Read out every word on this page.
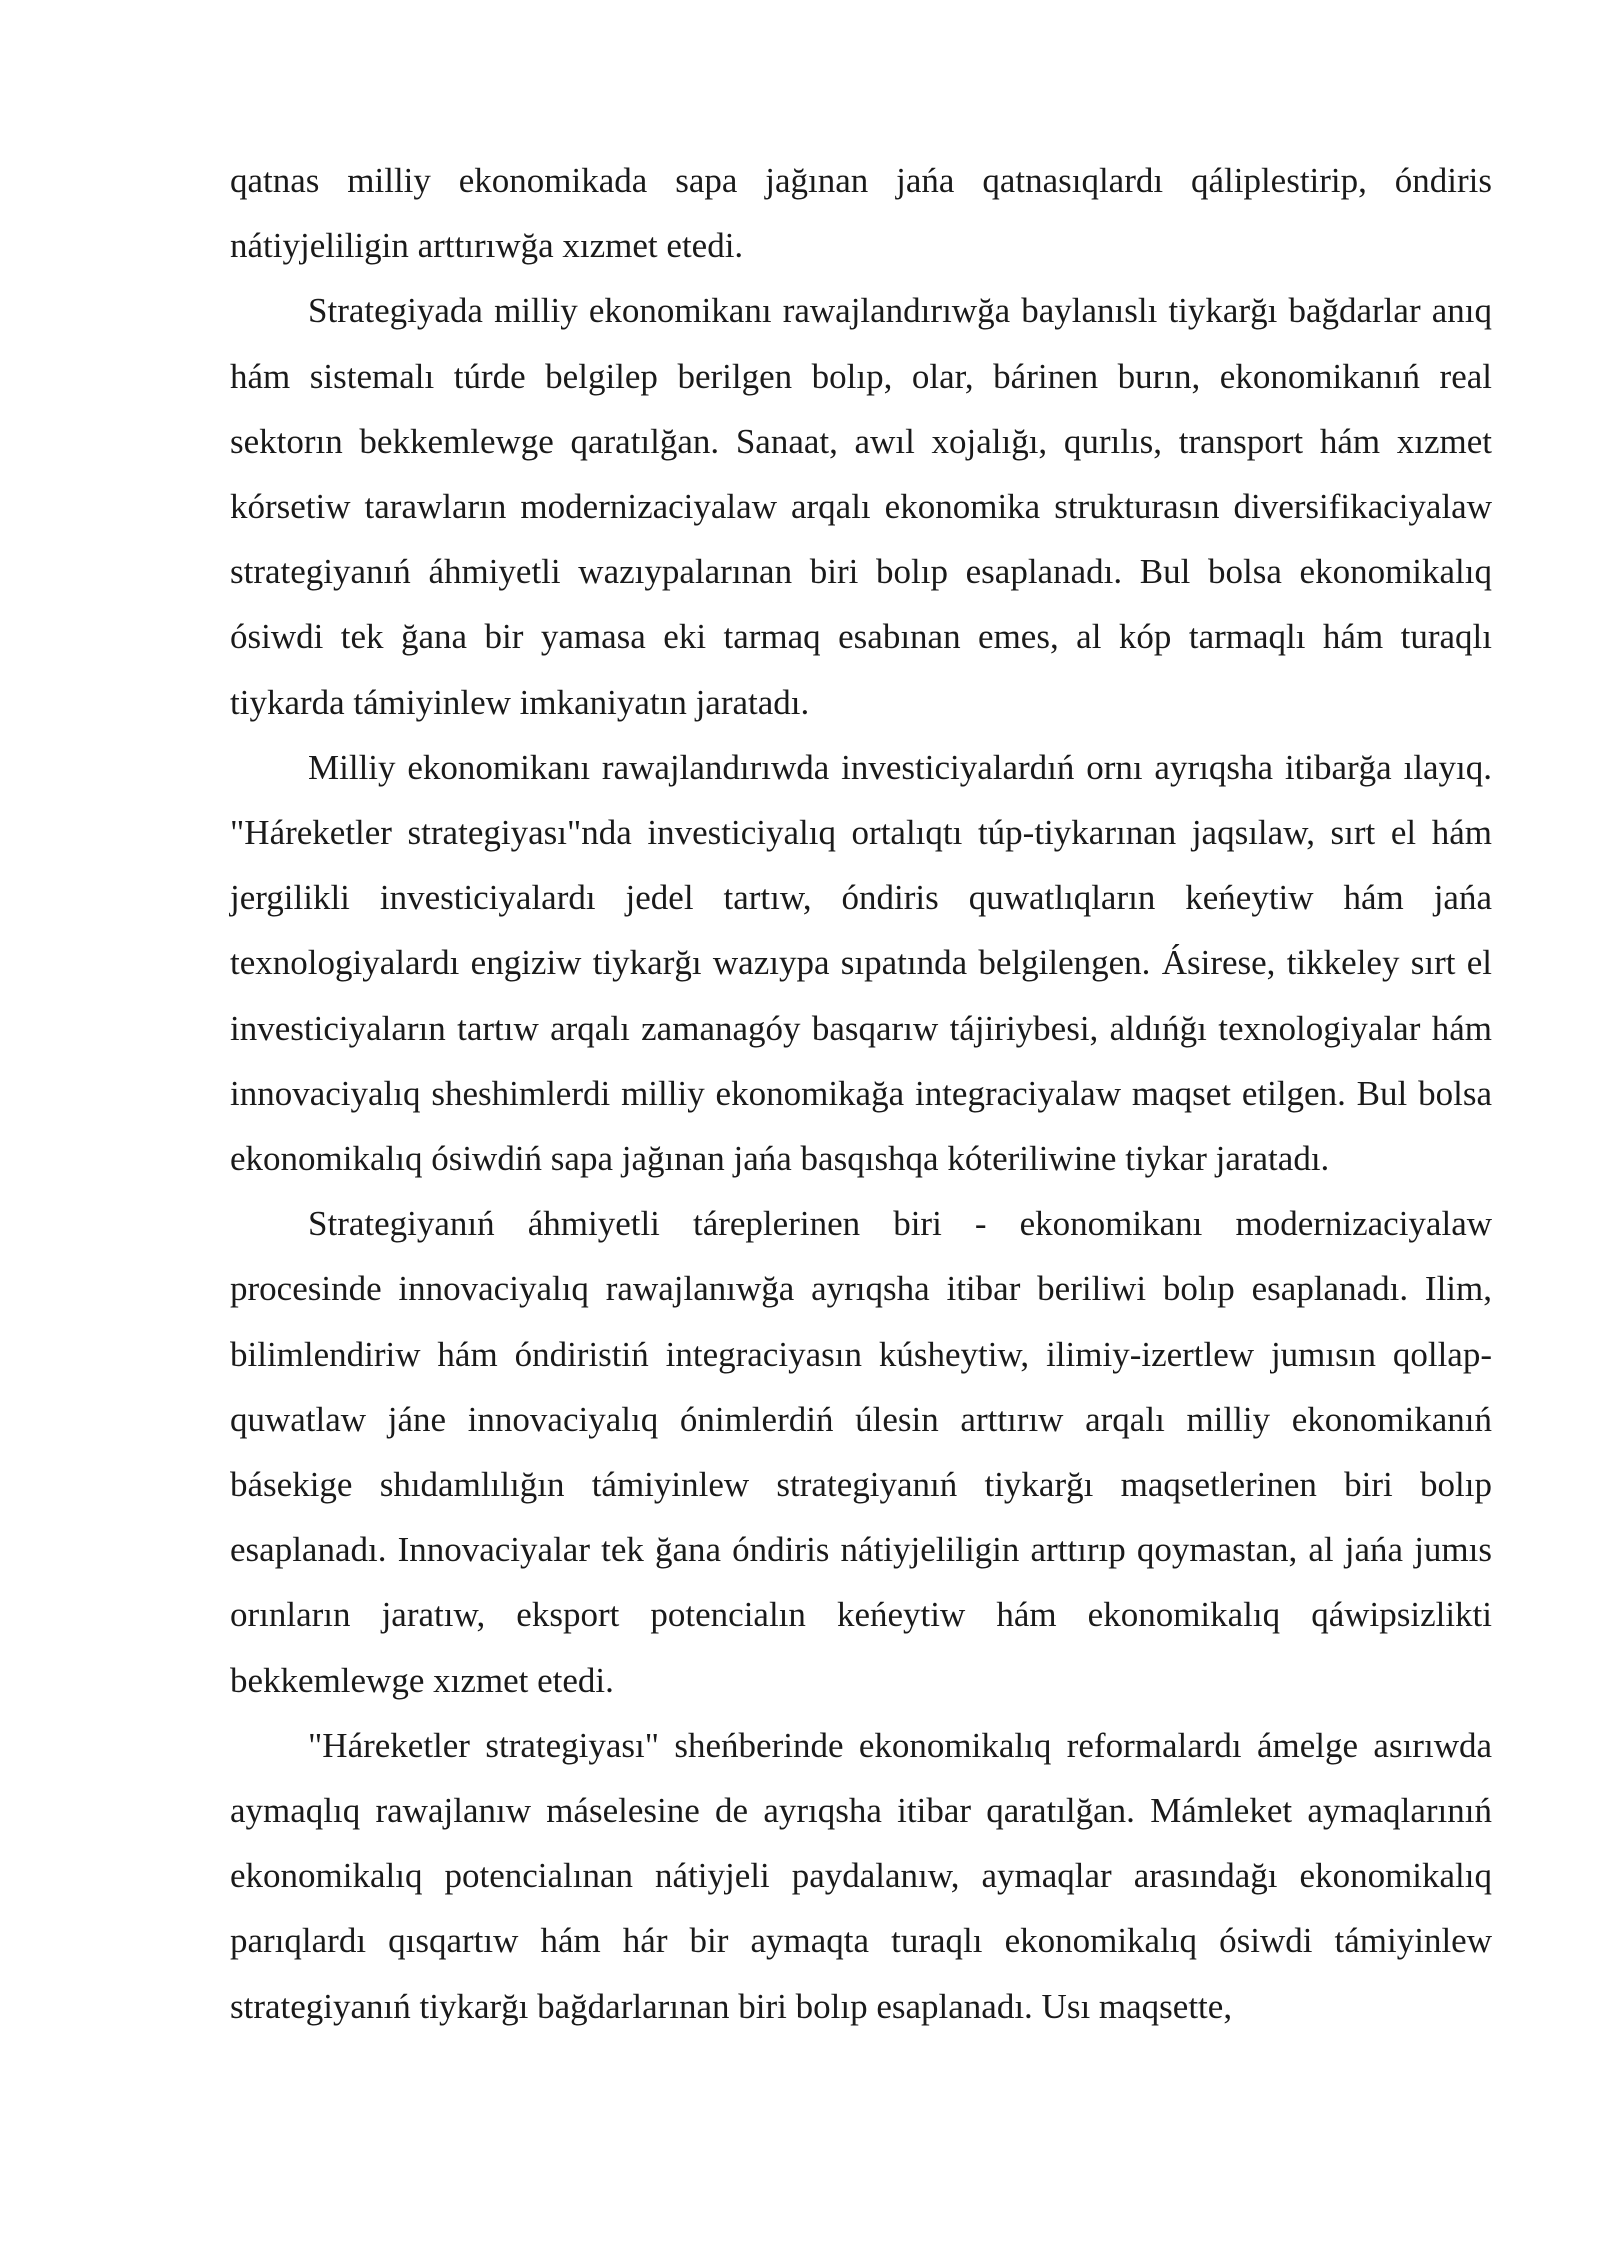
qatnas milliy ekonomikada sapa jağınan jańa qatnasıqlardı qáliplestirip, óndiris nátiyjeliligin arttırıwğa xızmet etedi.

Strategiyada milliy ekonomikanı rawajlandırıwğa baylanıslı tiykarğı bağdarlar anıq hám sistemalı túrde belgilep berilgen bolıp, olar, bárinen burın, ekonomikanıń real sektorın bekkemlewge qaratılğan. Sanaat, awıl xojalığı, qurılıs, transport hám xızmet kórsetiw tarawların modernizaciyalaw arqalı ekonomika strukturasın diversifikaciyalaw strategiyanıń áhmiyetli wazıypalarınan biri bolıp esaplanadı. Bul bolsa ekonomikalıq ósiwdi tek ğana bir yamasa eki tarmaq esabınan emes, al kóp tarmaqlı hám turaqlı tiykarda támiyinlew imkaniyatın jaratadı.

Milliy ekonomikanı rawajlandırıwda investiciyalardıń ornı ayrıqsha itibarğa ılayıq. "Háreketler strategiyası"nda investiciyalıq ortalıqtı túp-tiykarınan jaqsılaw, sırt el hám jergilikli investiciyalardı jedel tartıw, óndiris quwatlıqların keńeytiw hám jańa texnologiyalardı engiziw tiykarğı wazıypa sıpatında belgilengen. Ásirese, tikkeley sırt el investiciyaların tartıw arqalı zamanagóy basqarıw tájiriybesi, aldıńğı texnologiyalar hám innovaciyalıq sheshimlerdi milliy ekonomikağa integraciyalaw maqset etilgen. Bul bolsa ekonomikalıq ósiwdiń sapa jağınan jańa basqıshqa kóteriliwine tiykar jaratadı.

Strategiyanıń áhmiyetli táreplerinen biri - ekonomikanı modernizaciyalaw procesinde innovaciyalıq rawajlanıwğa ayrıqsha itibar beriliwi bolıp esaplanadı. Ilim, bilimlendiriw hám óndiristiń integraciyasın kúsheytiw, ilimiy-izertlew jumısın qollap-quwatlaw jáne innovaciyalıq ónimlerdiń úlesin arttırıw arqalı milliy ekonomikanıń básekige shıdamlılığın támiyinlew strategiyanıń tiykarğı maqsetlerinen biri bolıp esaplanadı. Innovaciyalar tek ğana óndiris nátiyjeliligin arttırıp qoymastan, al jańa jumıs orınların jaratıw, eksport potencialın keńeytiw hám ekonomikalıq qáwipsizlikti bekkemlewge xızmet etedi.

"Háreketler strategiyası" sheńberinde ekonomikalıq reformalardı ámelge asırıwda aymaqlıq rawajlanıw máselesine de ayrıqsha itibar qaratılğan. Mámleket aymaqlarınıń ekonomikalıq potencialınan nátiyjeli paydalanıw, aymaqlar arasındağı ekonomikalıq parıqlardı qısqartıw hám hár bir aymaqta turaqlı ekonomikalıq ósiwdi támiyinlew strategiyanıń tiykarğı bağdarlarınan biri bolıp esaplanadı. Usı maqsette,
